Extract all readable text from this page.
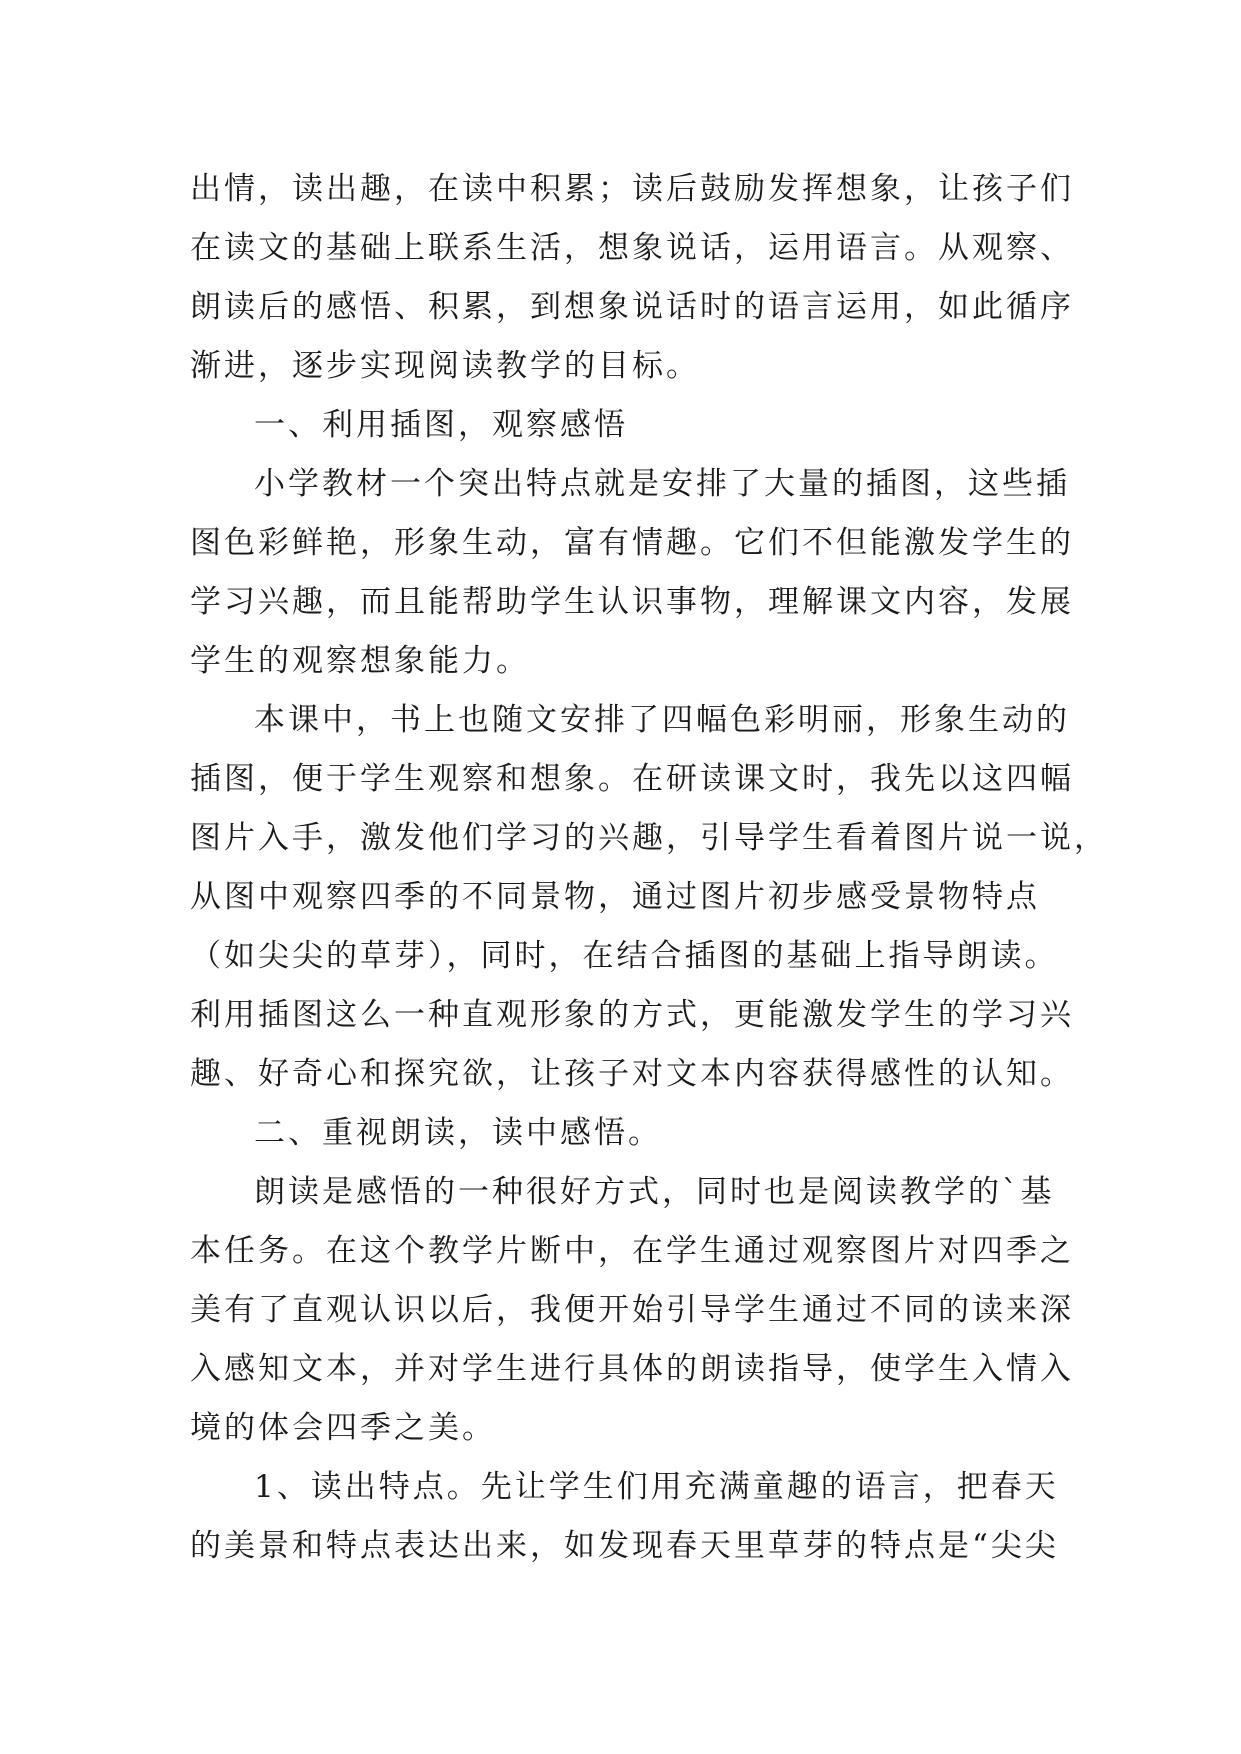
出情，读出趣，在读中积累；读后鼓励发挥想象，让孩子们
在读文的基础上联系生活，想象说话，运用语言。从观察、
朗读后的感悟、积累，到想象说话时的语言运用，如此循序
渐进，逐步实现阅读教学的目标。
一、利用插图，观察感悟
小学教材一个突出特点就是安排了大量的插图，这些插
图色彩鲜艳，形象生动，富有情趣。它们不但能激发学生的
学习兴趣，而且能帮助学生认识事物，理解课文内容，发展
学生的观察想象能力。
本课中，书上也随文安排了四幅色彩明丽，形象生动的
插图，便于学生观察和想象。在研读课文时，我先以这四幅
图片入手，激发他们学习的兴趣，引导学生看着图片说一说，
从图中观察四季的不同景物，通过图片初步感受景物特点
（如尖尖的草芽），同时，在结合插图的基础上指导朗读。
利用插图这么一种直观形象的方式，更能激发学生的学习兴
趣、好奇心和探究欲，让孩子对文本内容获得感性的认知。
二、重视朗读，读中感悟。
朗读是感悟的一种很好方式，同时也是阅读教学的`基
本任务。在这个教学片断中，在学生通过观察图片对四季之
美有了直观认识以后，我便开始引导学生通过不同的读来深
入感知文本，并对学生进行具体的朗读指导，使学生入情入
境的体会四季之美。
1、读出特点。先让学生们用充满童趣的语言，把春天
的美景和特点表达出来，如发现春天里草芽的特点是“尖尖
